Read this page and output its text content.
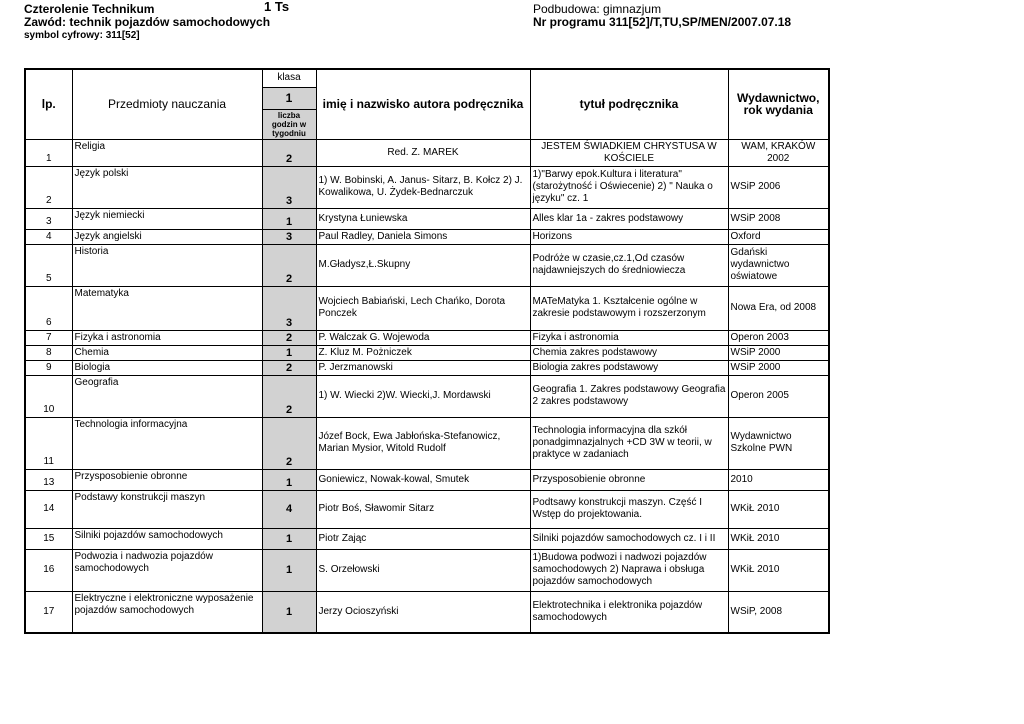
Czterolenie Technikum	1 Ts
Zawód: technik pojazdów samochodowych
symbol cyfrowy: 311[52]
Podbudowa: gimnazjum
Nr programu 311[52]/T,TU,SP/MEN/2007.07.18
lp.	Przedmioty nauczania	klasa	imię i nazwisko autora podręcznika	tytuł podręcznika	Wydawnictwo, rok wydania
		1			
		liczba godzin w tygodniu			
1	Religia	2	Red. Z. MAREK	JESTEM ŚWIADKIEM CHRYSTUSA W KOŚCIELE	WAM, KRAKÓW 2002
2	Język polski	3	1) W. Bobinski, A. Janus- Sitarz, B. Kołcz 2) J. Kowalikowa, U. Żydek-Bednarczuk	1)"Barwy epok.Kultura i literatura" (starożytność i Oświecenie) 2) " Nauka o języku" cz. 1	WSiP 2006
3	Język niemiecki	1	Krystyna Łuniewska	Alles klar 1a - zakres podstawowy	WSiP 2008
4	Język angielski	3	Paul Radley, Daniela Simons	Horizons	Oxford
5	Historia	2	M.Gładysz,Ł.Skupny	Podróże w czasie,cz.1,Od czasów najdawniejszych do średniowiecza	Gdański wydawnictwo oświatowe
6	Matematyka	3	Wojciech Babiański, Lech Chańko, Dorota Ponczek	MATeMatyka 1. Kształcenie ogólne w zakresie podstawowym i rozszerzonym	Nowa Era, od 2008
7	Fizyka i astronomia	2	P. Walczak G. Wojewoda	Fizyka i astronomia	Operon 2003
8	Chemia	1	Z. Kluz M. Pożniczek	Chemia zakres podstawowy	WSiP 2000
9	Biologia	2	P. Jerzmanowski	Biologia zakres podstawowy	WSiP 2000
10	Geografia	2	1) W. Wiecki 2)W. Wiecki,J. Mordawski	Geografia 1. Zakres podstawowy Geografia 2 zakres podstawowy	Operon 2005
11	Technologia informacyjna	2	Józef Bock, Ewa Jabłońska-Stefanowicz, Marian Mysior, Witold Rudolf	Technologia informacyjna dla szkół ponadgimnazjalnych +CD 3W w teorii, w praktyce w zadaniach	Wydawnictwo Szkolne PWN
13	Przysposobienie obronne	1	Goniewicz, Nowak-kowal, Smutek	Przysposobienie obronne	2010
14	Podstawy konstrukcji maszyn	4	Piotr Boś, Sławomir Sitarz	Podtsawy konstrukcji maszyn. Część I Wstęp do projektowania.	WKiŁ 2010
15	Silniki pojazdów samochodowych	1	Piotr Zając	Silniki pojazdów samochodowych cz. I i II	WKiŁ 2010
16	Podwozia i nadwozia pojazdów samochodowych	1	S. Orzełowski	1)Budowa podwozi i nadwozi pojazdów samochodowych 2) Naprawa i obsługa pojazdów samochodowych	WKiŁ 2010
17	Elektryczne i elektroniczne wyposażenie pojazdów samochodowych	1	Jerzy Ocioszyński	Elektrotechnika i elektronika pojazdów samochodowych	WSiP, 2008
